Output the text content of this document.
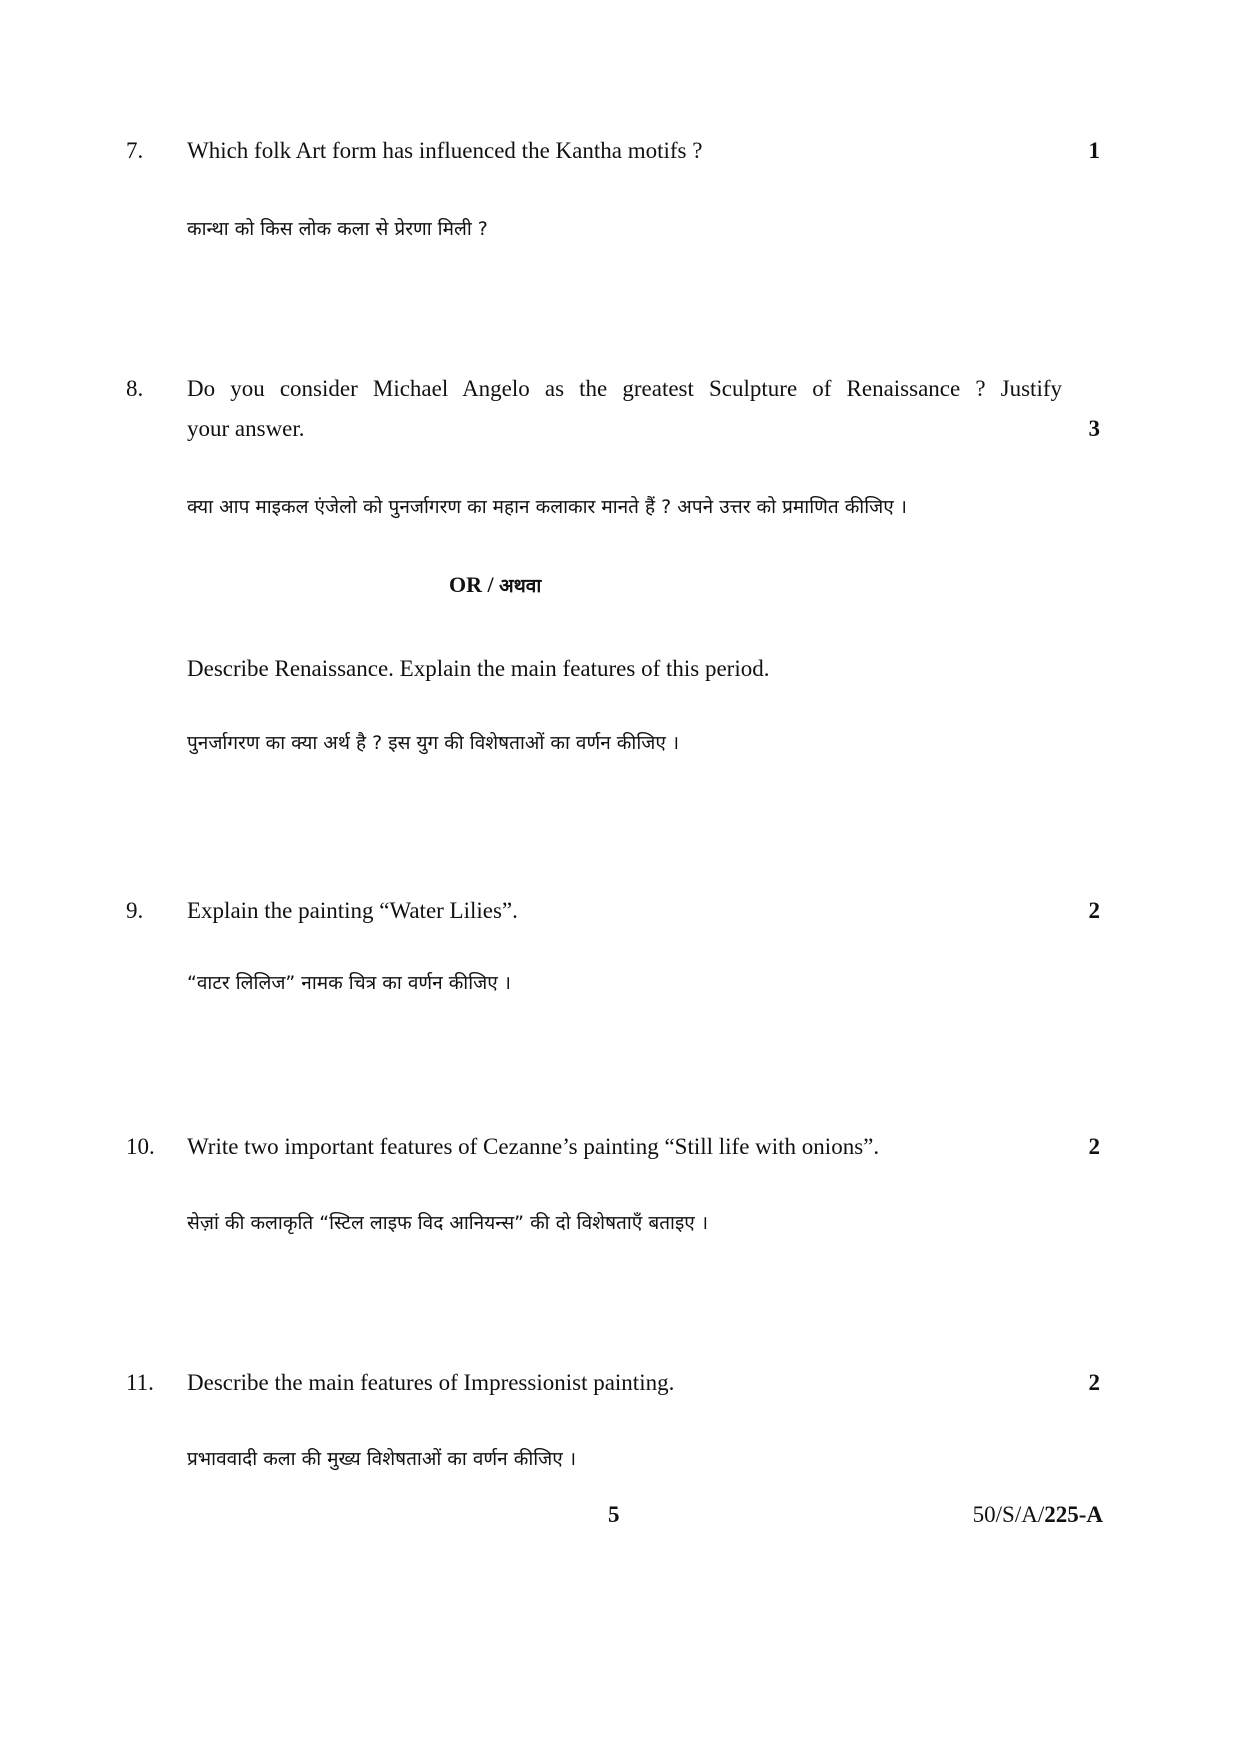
7. Which folk Art form has influenced the Kantha motifs ?	1
कान्था को किस लोक कला से प्रेरणा मिली ?
8. Do you consider Michael Angelo as the greatest Sculpture of Renaissance ? Justify
your answer.	3
क्या आप माइकल एंजेलो को पुनर्जागरण का महान कलाकार मानते हैं ? अपने उत्तर को प्रमाणित कीजिए ।
OR / अथवा
Describe Renaissance. Explain the main features of this period.
पुनर्जागरण का क्या अर्थ है ? इस युग की विशेषताओं का वर्णन कीजिए ।
9. Explain the painting “Water Lilies”.	2
“वाटर लिलिज” नामक चित्र का वर्णन कीजिए ।
10. Write two important features of Cezanne’s painting “Still life with onions”.	2
सेज़ां की कलाकृति “स्टिल लाइफ विद आनियन्स” की दो विशेषताएँ बताइए ।
11. Describe the main features of Impressionist painting.	2
प्रभाववादी कला की मुख्य विशेषताओं का वर्णन कीजिए ।
5	50/S/A/225-A
